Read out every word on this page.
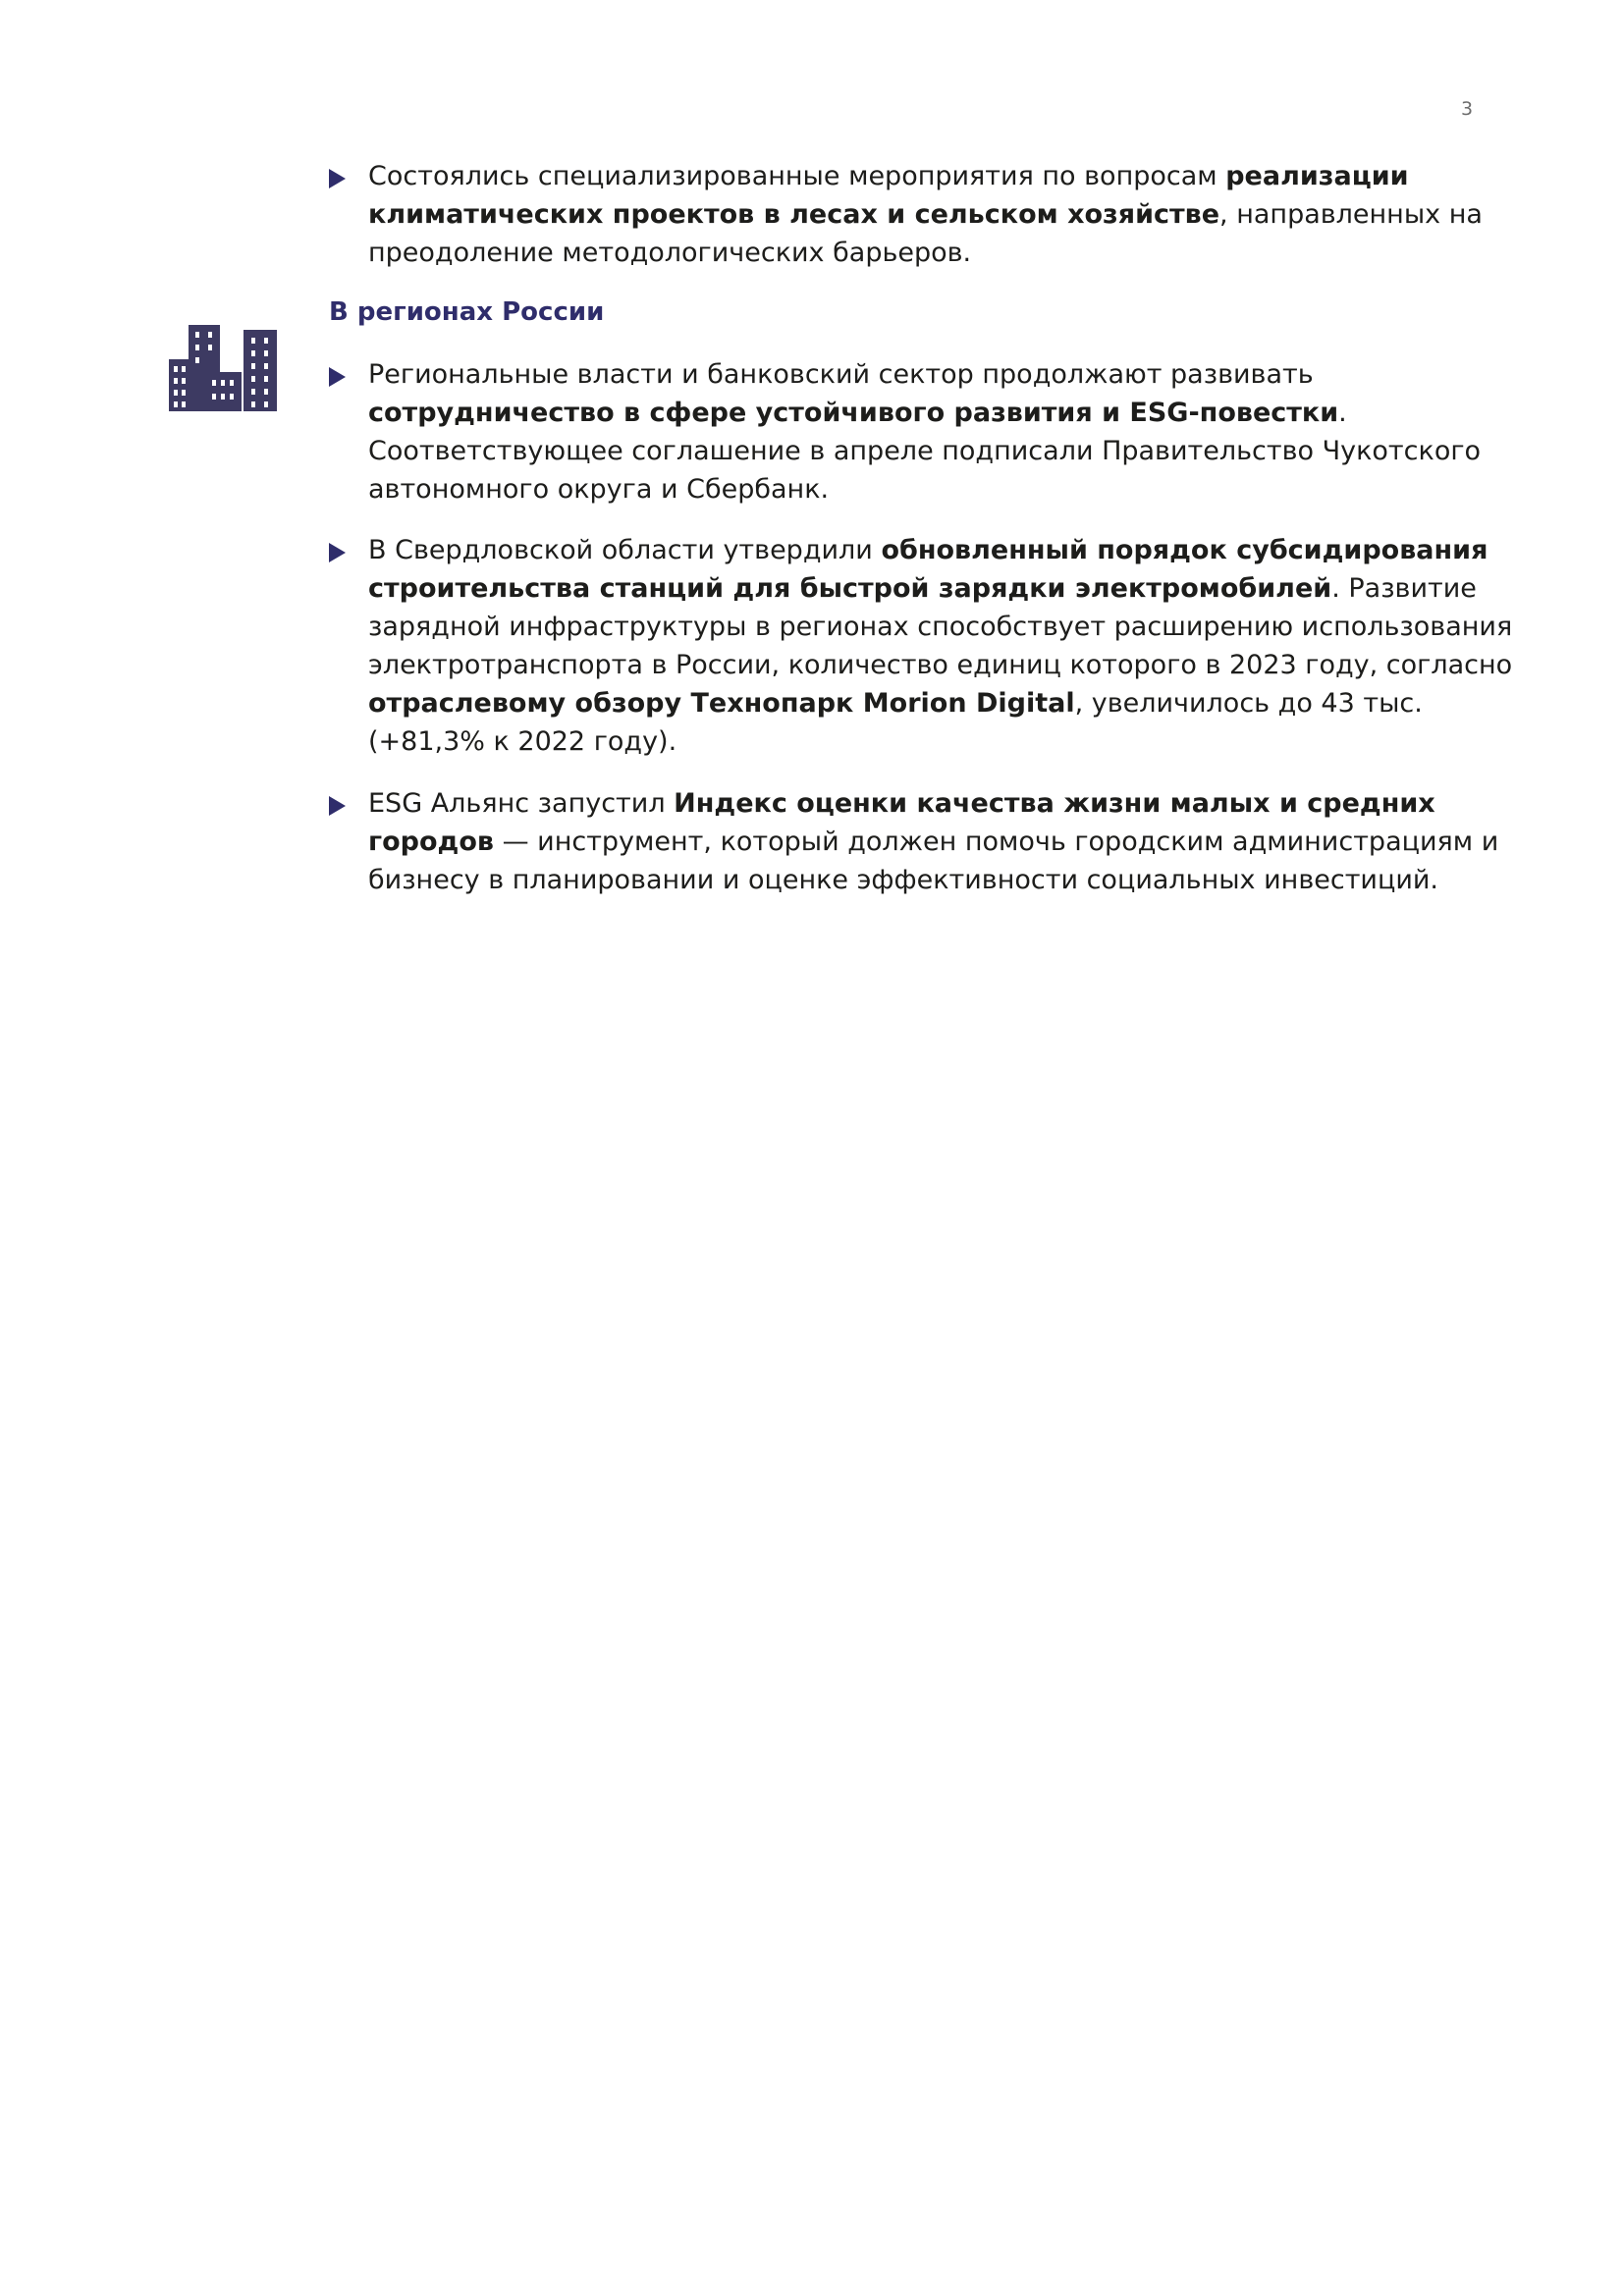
3
Состоялись специализированные мероприятия по вопросам реализации
климатических проектов в лесах и сельском хозяйстве, направленных на
преодоление методологических барьеров.
В регионах России
Региональные власти и банковский сектор продолжают развивать
сотрудничество в сфере устойчивого развития и ESG-повестки.
Соответствующее соглашение в апреле подписали Правительство Чукотского
автономного округа и Сбербанк.
В Свердловской области утвердили обновленный порядок субсидирования
строительства станций для быстрой зарядки электромобилей. Развитие
зарядной инфраструктуры в регионах способствует расширению использования
электротранспорта в России, количество единиц которого в 2023 году, согласно
отраслевому обзору Технопарк Morion Digital, увеличилось до 43 тыс.
(+81,3% к 2022 году).
ESG Альянс запустил Индекс оценки качества жизни малых и средних
городов — инструмент, который должен помочь городским администрациям и
бизнесу в планировании и оценке эффективности социальных инвестиций.
